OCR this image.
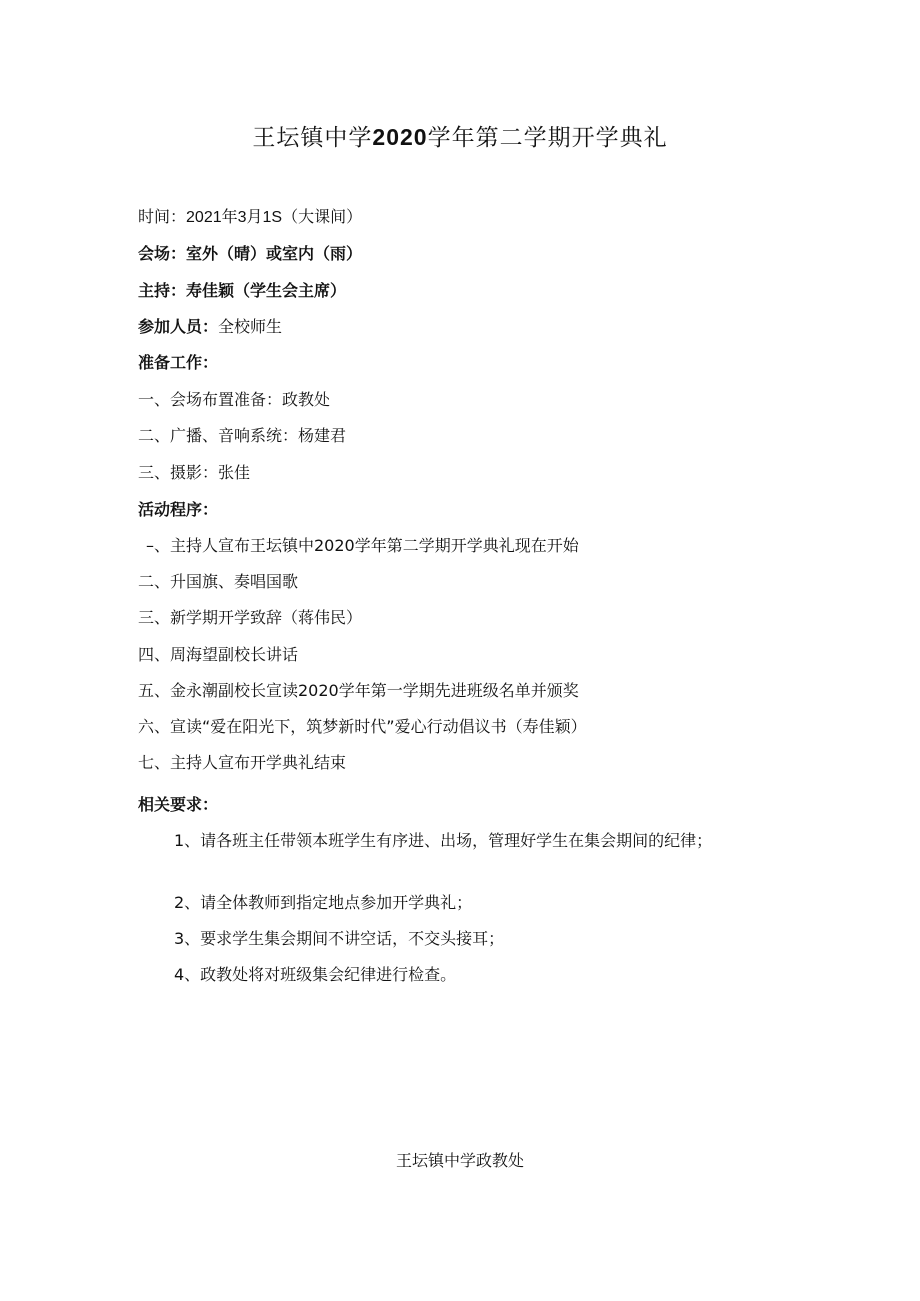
王坛镇中学2020学年第二学期开学典礼
时间：2021年3月1S（大课间）
会场：室外（晴）或室内（雨）
主持：寿佳颖（学生会主席）
参加人员：全校师生
准备工作：
一、会场布置准备：政教处
二、广播、音响系统：杨建君
三、摄影：张佳
活动程序：
–、主持人宣布王坛镇中2020学年第二学期开学典礼现在开始
二、升国旗、奏唱国歌
三、新学期开学致辞（蒋伟民）
四、周海望副校长讲话
五、金永潮副校长宣读2020学年第一学期先进班级名单并颁奖
六、宣读“爱在阳光下，筑梦新时代”爱心行动倡议书（寿佳颖）
七、主持人宣布开学典礼结束
相关要求：
1、请各班主任带领本班学生有序进、出场，管理好学生在集会期间的纪律；
2、请全体教师到指定地点参加开学典礼；
3、要求学生集会期间不讲空话，不交头接耳；
4、政教处将对班级集会纪律进行检查。
王坛镇中学政教处
